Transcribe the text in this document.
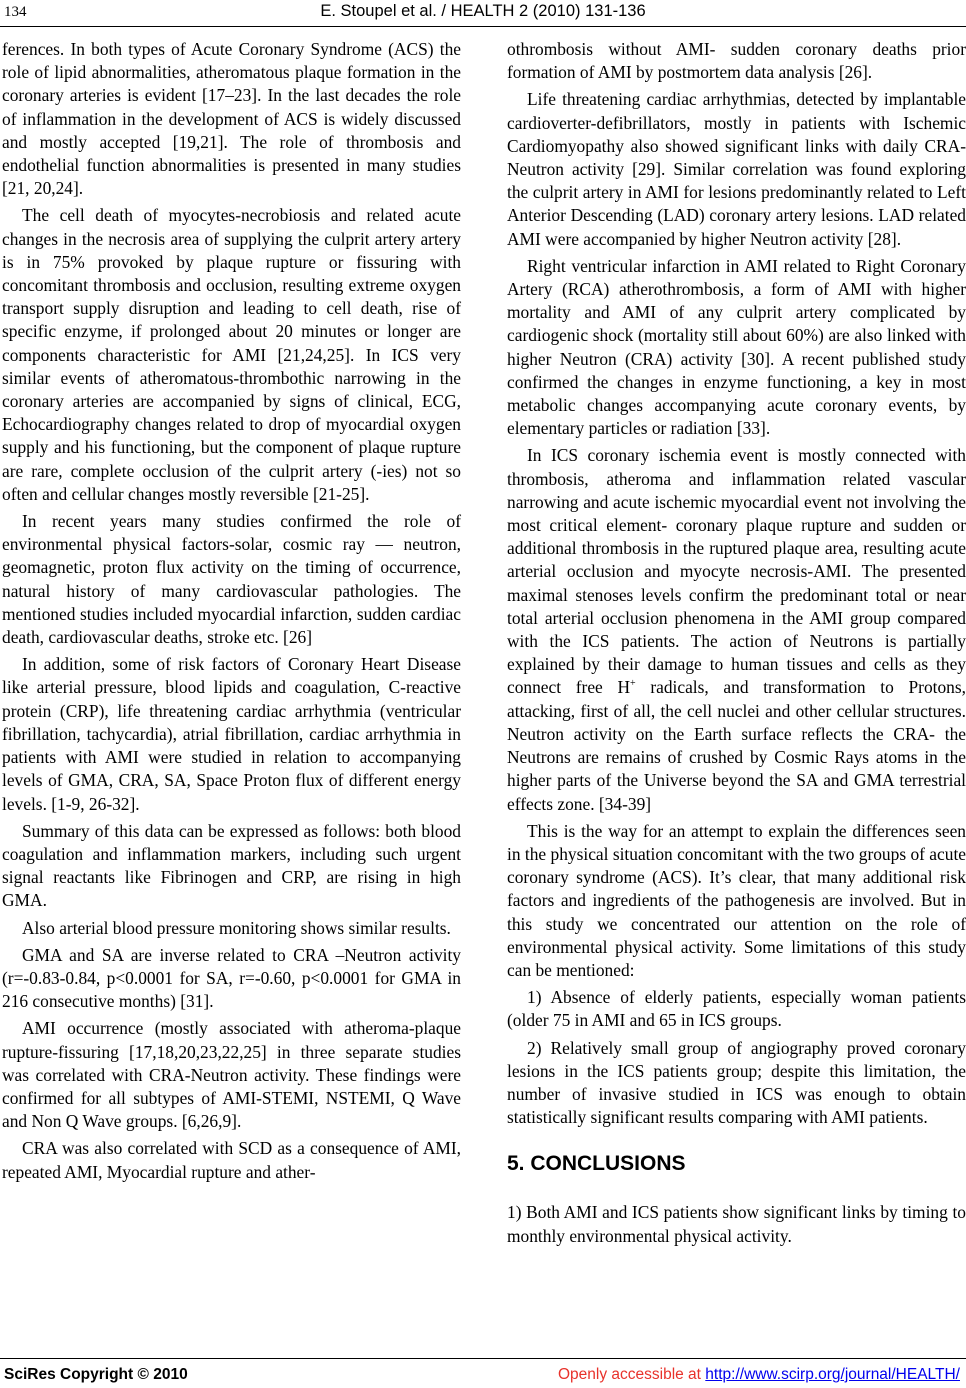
134	E. Stoupel et al. / HEALTH 2 (2010) 131-136

ferences. In both types of Acute Coronary Syndrome (ACS) the role of lipid abnormalities, atheromatous plaque formation in the coronary arteries is evident [17–23]. In the last decades the role of inflammation in the development of ACS is widely discussed and mostly accepted [19,21]. The role of thrombosis and endothelial function abnormalities is presented in many studies [21, 20,24].

The cell death of myocytes-necrobiosis and related acute changes in the necrosis area of supplying the culprit artery artery is in 75% provoked by plaque rupture or fissuring with concomitant thrombosis and occlusion, resulting extreme oxygen transport supply disruption and leading to cell death, rise of specific enzyme, if prolonged about 20 minutes or longer are components characteristic for AMI [21,24,25]. In ICS very similar events of atheromatous-thrombothic narrowing in the coronary arteries are accompanied by signs of clinical, ECG, Echocardiography changes related to drop of myocardial oxygen supply and his functioning, but the component of plaque rupture are rare, complete occlusion of the culprit artery (-ies) not so often and cellular changes mostly reversible [21-25].

In recent years many studies confirmed the role of environmental physical factors-solar, cosmic ray — neutron, geomagnetic, proton flux activity on the timing of occurrence, natural history of many cardiovascular pathologies. The mentioned studies included myocardial infarction, sudden cardiac death, cardiovascular deaths, stroke etc. [26]

In addition, some of risk factors of Coronary Heart Disease like arterial pressure, blood lipids and coagulation, C-reactive protein (CRP), life threatening cardiac arrhythmia (ventricular fibrillation, tachycardia), atrial fibrillation, cardiac arrhythmia in patients with AMI were studied in relation to accompanying levels of GMA, CRA, SA, Space Proton flux of different energy levels. [1-9, 26-32].

Summary of this data can be expressed as follows: both blood coagulation and inflammation markers, including such urgent signal reactants like Fibrinogen and CRP, are rising in high GMA.

Also arterial blood pressure monitoring shows similar results.

GMA and SA are inverse related to CRA –Neutron activity (r=-0.83-0.84, p<0.0001 for SA, r=-0.60, p<0.0001 for GMA in 216 consecutive months) [31].

AMI occurrence (mostly associated with atheroma-plaque rupture-fissuring [17,18,20,23,22,25] in three separate studies was correlated with CRA-Neutron activity. These findings were confirmed for all subtypes of AMI-STEMI, NSTEMI, Q Wave and Non Q Wave groups. [6,26,9].

CRA was also correlated with SCD as a consequence of AMI, repeated AMI, Myocardial rupture and ather-

othrombosis without AMI- sudden coronary deaths prior formation of AMI by postmortem data analysis [26].

Life threatening cardiac arrhythmias, detected by implantable cardioverter-defibrillators, mostly in patients with Ischemic Cardiomyopathy also showed significant links with daily CRA-Neutron activity [29]. Similar correlation was found exploring the culprit artery in AMI for lesions predominantly related to Left Anterior Descending (LAD) coronary artery lesions. LAD related AMI were accompanied by higher Neutron activity [28].

Right ventricular infarction in AMI related to Right Coronary Artery (RCA) atherothrombosis, a form of AMI with higher mortality and AMI of any culprit artery complicated by cardiogenic shock (mortality still about 60%) are also linked with higher Neutron (CRA) activity [30]. A recent published study confirmed the changes in enzyme functioning, a key in most metabolic changes accompanying acute coronary events, by elementary particles or radiation [33].

In ICS coronary ischemia event is mostly connected with thrombosis, atheroma and inflammation related vascular narrowing and acute ischemic myocardial event not involving the most critical element- coronary plaque rupture and sudden or additional thrombosis in the ruptured plaque area, resulting acute arterial occlusion and myocyte necrosis-AMI. The presented maximal stenoses levels confirm the predominant total or near total arterial occlusion phenomena in the AMI group compared with the ICS patients. The action of Neutrons is partially explained by their damage to human tissues and cells as they connect free H+ radicals, and transformation to Protons, attacking, first of all, the cell nuclei and other cellular structures. Neutron activity on the Earth surface reflects the CRA- the Neutrons are remains of crushed by Cosmic Rays atoms in the higher parts of the Universe beyond the SA and GMA terrestrial effects zone. [34-39]

This is the way for an attempt to explain the differences seen in the physical situation concomitant with the two groups of acute coronary syndrome (ACS). It’s clear, that many additional risk factors and ingredients of the pathogenesis are involved. But in this study we concentrated our attention on the role of environmental physical activity. Some limitations of this study can be mentioned:

1) Absence of elderly patients, especially woman patients (older 75 in AMI and 65 in ICS groups.

2) Relatively small group of angiography proved coronary lesions in the ICS patients group; despite this limitation, the number of invasive studied in ICS was enough to obtain statistically significant results comparing with AMI patients.

5. CONCLUSIONS

1) Both AMI and ICS patients show significant links by timing to monthly environmental physical activity.

SciRes Copyright © 2010	Openly accessible at http://www.scirp.org/journal/HEALTH/
